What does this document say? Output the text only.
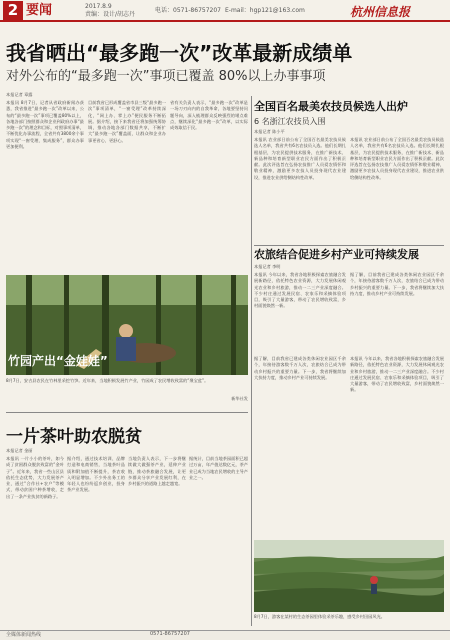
2 要闻	2017.8.9
责编：设计/胡志丹
电话：0571-86757207 E-mail：hgp121@163.com	杭州信息报
我省晒出“最多跑一次”改革最新成绩单
对外公布的“最多跑一次”事项已覆盖 80%以上办事事项
本报记者 章露
本报讯 8月7日，记者从省政府新闻办获悉，我省推进“最多跑一次”改革以来，公布的“最多跑一次”事项已覆盖80%以上，各地各部门按照群众和企业到政府办事“最多跑一次”的理念和目标，对照事项清单，不断优化办事流程，全省共有3800余个事项实现“一窗受理、集成服务”，群众办事更加便利。
目前我省已形成覆盖省市县三级“最多跑一次”事项清单，“一窗受理”改革持续深化，“网上办、掌上办”便民服务不断拓展。据介绍，接下来我省还将加强统筹协调，推动各地各部门数据共享，不断扩大“最多跑一次”覆盖面，让群众和企业办事更省心、更舒心。
省有关负责人表示，“最多跑一次”改革是一场刀刃向内的自我革命，各地要坚持问题导向，深入梳理群众反映强烈的堵点难点，继续深化“最多跑一次”改革，以实际成效取信于民。
全国百名最美农技员候选人出炉
6 名浙江农技员入围
本报记者 陈小平
本报讯 农业部日前公布了全国百名最美农技员候选人名单，我省共有6名农技员入选。他们长期扎根基层，为农民提供技术服务，在推广新技术、新品种和培育新型职业农民方面作出了积极贡献。此次评选旨在弘扬农技推广人员爱农情怀和敬业精神，激励更多农技人员投身现代农业建设，推进农业供给侧结构性改革。
本报讯 农业部日前公布了全国百名最美农技员候选人名单，我省共有6名农技员入选。他们长期扎根基层，为农民提供技术服务，在推广新技术、新品种和培育新型职业农民方面作出了积极贡献。此次评选旨在弘扬农技推广人员爱农情怀和敬业精神，激励更多农技人员投身现代农业建设，推进农业供给侧结构性改革。
农旅结合促进乡村产业可持续发展
本报记者 李明
本报讯 今年以来，我省各地积极探索农旅融合发展新路径，依托特色农业资源，大力发展休闲观光农业和乡村旅游，推动一二三产业深度融合。不少村庄通过发展民宿、农家乐和采摘体验项目，吸引了大量游客，带动了农民增收致富，乡村面貌焕然一新。
据了解，目前我省已建成各类休闲农业园区千余个，年接待游客数千万人次，农旅结合已成为带动乡村振兴的重要力量。下一步，我省将继续加大扶持力度，推动乡村产业可持续发展。
据了解，目前我省已建成各类休闲农业园区千余个，年接待游客数千万人次，农旅结合已成为带动乡村振兴的重要力量。下一步，我省将继续加大扶持力度，推动乡村产业可持续发展。
本报讯 今年以来，我省各地积极探索农旅融合发展新路径，依托特色农业资源，大力发展休闲观光农业和乡村旅游，推动一二三产业深度融合。不少村庄通过发展民宿、农家乐和采摘体验项目，吸引了大量游客，带动了农民增收致富，乡村面貌焕然一新。
8月7日，游客在某村的生态茶园里体验采茶乐趣，感受乡村田园风光。
竹园产出“金娃娃”
8月7日，安吉县农民在竹林里采挖竹笋。近年来，当地积极发展竹产业，竹园成了农民增收致富的“聚宝盆”。
新华社发
一片茶叶助农脱贫
本报记者 金丽
本报讯 一片小小的茶叶，如今成了贫困群众脱贫致富的“金叶子”。近年来，我省一些山区县依托生态优势，大力发展茶产业，通过“合作社+农户”等模式，带动贫困户种茶增收，走出了一条产业扶贫的新路子。
据介绍，通过技术培训、品牌打造和电商销售，当地茶叶品质和附加值不断提升，茶农收入明显增加。不少外出务工的年轻人也纷纷返乡创业，投身茶产业发展。
当地负责人表示，下一步将继续做大做强茶产业，延伸产业链，推动茶旅融合发展，让更多群众分享产业发展红利，在乡村振兴的道路上越走越宽。
据统计，目前当地茶园面积已超过万亩，年产值达数亿元，茶产业已成为当地农民增收的主导产业之一。
全媒体新闻热线	0571-86757207
